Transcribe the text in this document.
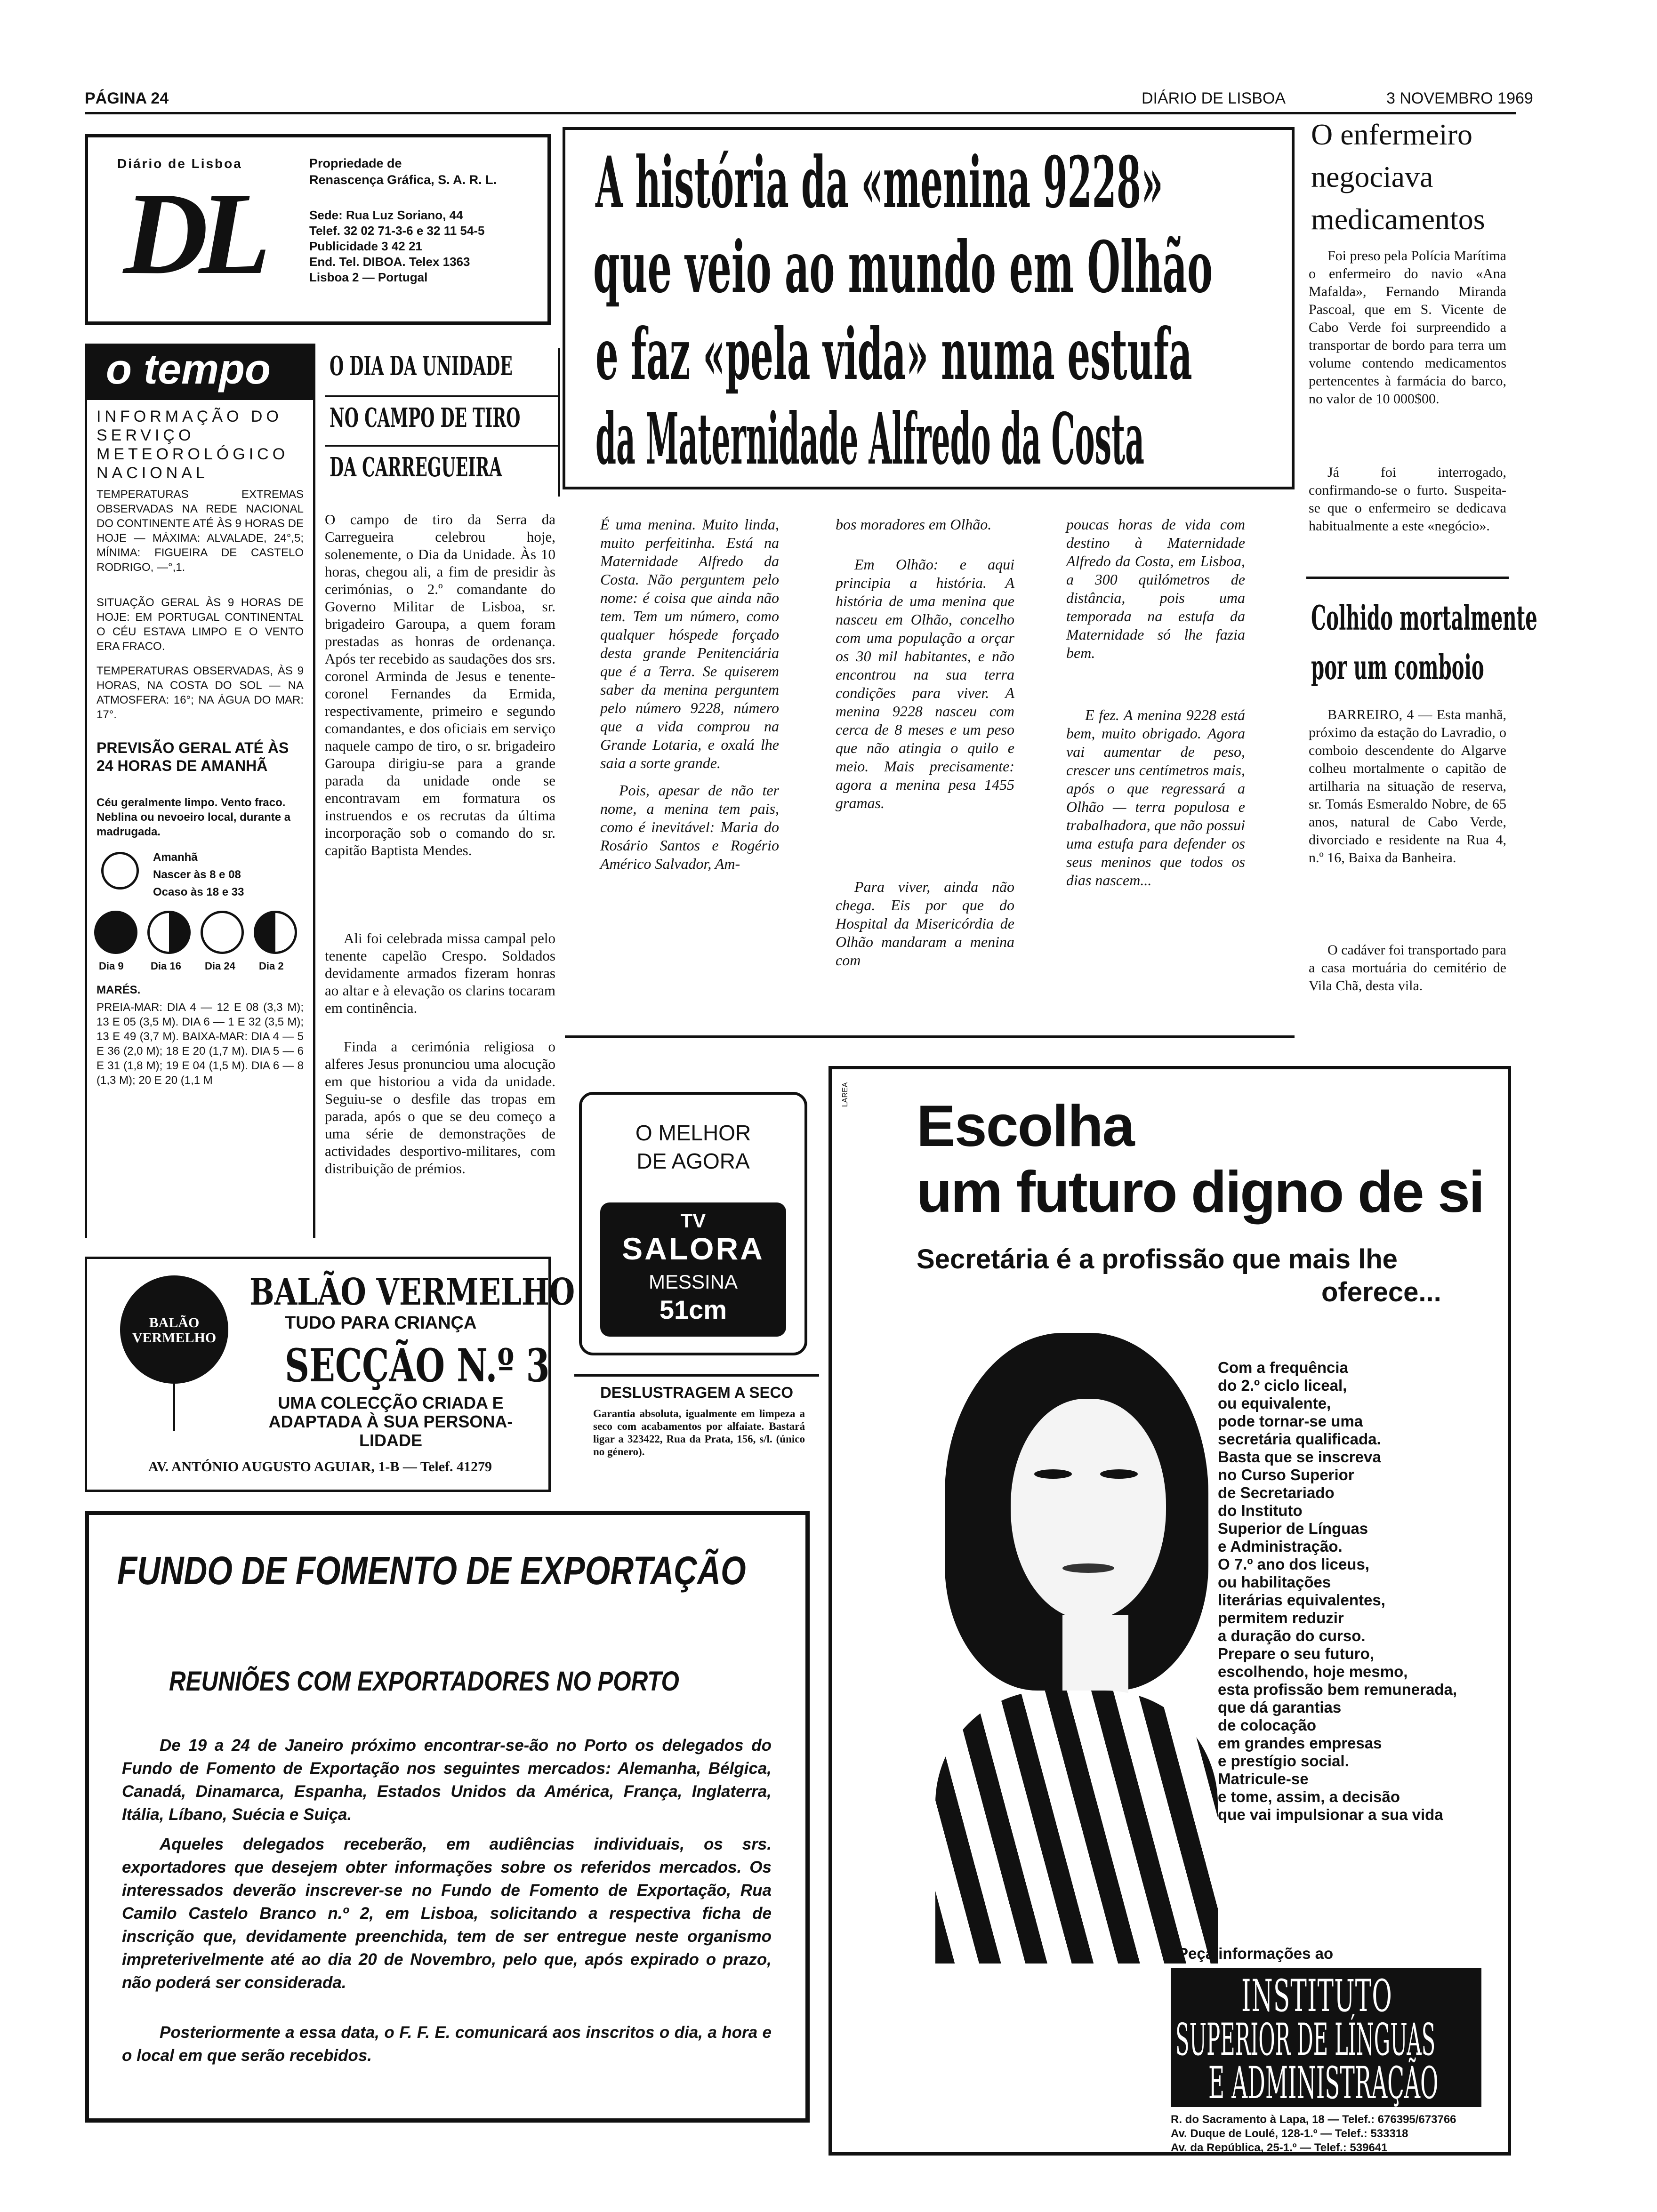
PÁGINA 24	DIÁRIO DE LISBOA	3 NOVEMBRO 1969
Diário de Lisboa
DL
Propriedade de
Renascença Gráfica, S. A. R. L.
Sede: Rua Luz Soriano, 44
Telef. 32 02 71-3-6 e 32 11 54-5
Publicidade 3 42 21
End. Tel. DIBOA. Telex 1363
Lisboa 2 — Portugal
o tempo
INFORMAÇÃO DO SERVIÇO METEOROLÓGICO NACIONAL
TEMPERATURAS EXTREMAS OBSERVADAS NA REDE NACIONAL DO CONTINENTE ATÉ ÀS 9 HORAS DE HOJE — MÁXIMA: ALVALADE, 24°,5; MÍNIMA: FIGUEIRA DE CASTELO RODRIGO, —°,1.
SITUAÇÃO GERAL ÀS 9 HORAS DE HOJE: EM PORTUGAL CONTINENTAL O CÉU ESTAVA LIMPO E O VENTO ERA FRACO.
TEMPERATURAS OBSERVADAS, ÀS 9 HORAS, NA COSTA DO SOL — NA ATMOSFERA: 16°; NA ÁGUA DO MAR: 17°.
PREVISÃO GERAL ATÉ ÀS 24 HORAS DE AMANHÃ
Céu geralmente limpo. Vento fraco. Neblina ou nevoeiro local, durante a madrugada.
Amanhã
Nascer às 8 e 08
Ocaso às 18 e 33
Dia 9	Dia 16 Dia 24 Dia 2
MARÉS.
PREIA-MAR: DIA 4 — 12 E 08 (3,3 M); 13 E 05 (3,5 M). DIA 6 — 1 E 32 (3,5 M); 13 E 49 (3,7 M). BAIXA-MAR: DIA 4 — 5 E 36 (2,0 M); 18 E 20 (1,7 M). DIA 5 — 6 E 31 (1,8 M); 19 E 04 (1,5 M). DIA 6 — 8 (1,3 M); 20 E 20 (1,1 M
O DIA DA UNIDADE
NO CAMPO DE TIRO
DA CARREGUEIRA
O campo de tiro da Serra da Carregueira celebrou hoje, solenemente, o Dia da Unidade. Às 10 horas, chegou ali, a fim de presidir às cerimónias, o 2.º comandante do Governo Militar de Lisboa, sr. brigadeiro Garoupa, a quem foram prestadas as honras de ordenança. Após ter recebido as saudações dos srs. coronel Arminda de Jesus e tenente-coronel Fernandes da Ermida, respectivamente, primeiro e segundo comandantes, e dos oficiais em serviço naquele campo de tiro, o sr. brigadeiro Garoupa dirigiu-se para a grande parada da unidade onde se encontravam em formatura os instruendos e os recrutas da última incorporação sob o comando do sr. capitão Baptista Mendes.
Ali foi celebrada missa campal pelo tenente capelão Crespo. Soldados devidamente armados fizeram honras ao altar e à elevação os clarins tocaram em continência.
Finda a cerimónia religiosa o alferes Jesus pronunciou uma alocução em que historiou a vida da unidade. Seguiu-se o desfile das tropas em parada, após o que se deu começo a uma série de demonstrações de actividades desportivo-militares, com distribuição de prémios.
A história da «menina 9228»
que veio ao mundo em Olhão
e faz «pela vida» numa estufa
da Maternidade Alfredo da Costa
É uma menina. Muito linda, muito perfeitinha. Está na Maternidade Alfredo da Costa. Não perguntem pelo nome: é coisa que ainda não tem. Tem um número, como qualquer hóspede forçado desta grande Penitenciária que é a Terra. Se quiserem saber da menina perguntem pelo número 9228, número que a vida comprou na Grande Lotaria, e oxalá lhe saia a sorte grande.
Pois, apesar de não ter nome, a menina tem pais, como é inevitável: Maria do Rosário Santos e Rogério Américo Salvador, Am-
bos moradores em Olhão.
Em Olhão: e aqui principia a história. A história de uma menina que nasceu em Olhão, concelho com uma população a orçar os 30 mil habitantes, e não encontrou na sua terra condições para viver. A menina 9228 nasceu com cerca de 8 meses e um peso que não atingia o quilo e meio. Mais precisamente: agora a menina pesa 1455 gramas.
Para viver, ainda não chega. Eis por que do Hospital da Misericórdia de Olhão mandaram a menina com
poucas horas de vida com destino à Maternidade Alfredo da Costa, em Lisboa, a 300 quilómetros de distância, pois uma temporada na estufa da Maternidade só lhe fazia bem.
E fez. A menina 9228 está bem, muito obrigado. Agora vai aumentar de peso, crescer uns centímetros mais, após o que regressará a Olhão — terra populosa e trabalhadora, que não possui uma estufa para defender os seus meninos que todos os dias nascem...
O enfermeiro
negociava
medicamentos
Foi preso pela Polícia Marítima o enfermeiro do navio «Ana Mafalda», Fernando Miranda Pascoal, que em S. Vicente de Cabo Verde foi surpreendido a transportar de bordo para terra um volume contendo medicamentos pertencentes à farmácia do barco, no valor de 10 000$00.
Já foi interrogado, confirmando-se o furto. Suspeita-se que o enfermeiro se dedicava habitualmente a este «negócio».
Colhido mortalmente
por um comboio
BARREIRO, 4 — Esta manhã, próximo da estação do Lavradio, o comboio descendente do Algarve colheu mortalmente o capitão de artilharia na situação de reserva, sr. Tomás Esmeraldo Nobre, de 65 anos, natural de Cabo Verde, divorciado e residente na Rua 4, n.º 16, Baixa da Banheira.
O cadáver foi transportado para a casa mortuária do cemitério de Vila Chã, desta vila.
BALÃO VERMELHO
BALÃO VERMELHO
TUDO PARA CRIANÇA
SECÇÃO N.º 3
UMA COLECÇÃO CRIADA E
ADAPTADA À SUA PERSONA-
LIDADE
AV. ANTÓNIO AUGUSTO AGUIAR, 1-B — Telef. 41279
O MELHOR
DE AGORA
TV
SALORA
MESSINA
51cm
DESLUSTRAGEM A SECO
Garantia absoluta, igualmente em limpeza a seco com acabamentos por alfaiate. Bastará ligar a 323422, Rua da Prata, 156, s/l. (único no género).
FUNDO DE FOMENTO DE EXPORTAÇÃO
REUNIÕES COM EXPORTADORES NO PORTO
De 19 a 24 de Janeiro próximo encontrar-se-ão no Porto os delegados do Fundo de Fomento de Exportação nos seguintes mercados: Alemanha, Bélgica, Canadá, Dinamarca, Espanha, Estados Unidos da América, França, Inglaterra, Itália, Líbano, Suécia e Suiça.
Aqueles delegados receberão, em audiências individuais, os srs. exportadores que desejem obter informações sobre os referidos mercados. Os interessados deverão inscrever-se no Fundo de Fomento de Exportação, Rua Camilo Castelo Branco n.º 2, em Lisboa, solicitando a respectiva ficha de inscrição que, devidamente preenchida, tem de ser entregue neste organismo impreterivelmente até ao dia 20 de Novembro, pelo que, após expirado o prazo, não poderá ser considerada.
Posteriormente a essa data, o F. F. E. comunicará aos inscritos o dia, a hora e o local em que serão recebidos.
LAREA Escolha
um futuro digno de si
Secretária é a profissão que mais lhe
oferece...
Com a frequência
do 2.º ciclo liceal,
ou equivalente,
pode tornar-se uma
secretária qualificada.
Basta que se inscreva
no Curso Superior
de Secretariado
do Instituto
Superior de Línguas
e Administração.
O 7.º ano dos liceus,
ou habilitações
literárias equivalentes,
permitem reduzir
a duração do curso.
Prepare o seu futuro,
escolhendo, hoje mesmo,
esta profissão bem remunerada,
que dá garantias
de colocação
em grandes empresas
e prestígio social.
Matricule-se
e tome, assim, a decisão
que vai impulsionar a sua vida
Peça informações ao
INSTITUTO
SUPERIOR DE LÍNGUAS
E ADMINISTRAÇÃO
R. do Sacramento à Lapa, 18 — Telef.: 676395/673766
Av. Duque de Loulé, 128-1.º — Telef.: 533318
Av. da República, 25-1.º — Telef.: 539641
